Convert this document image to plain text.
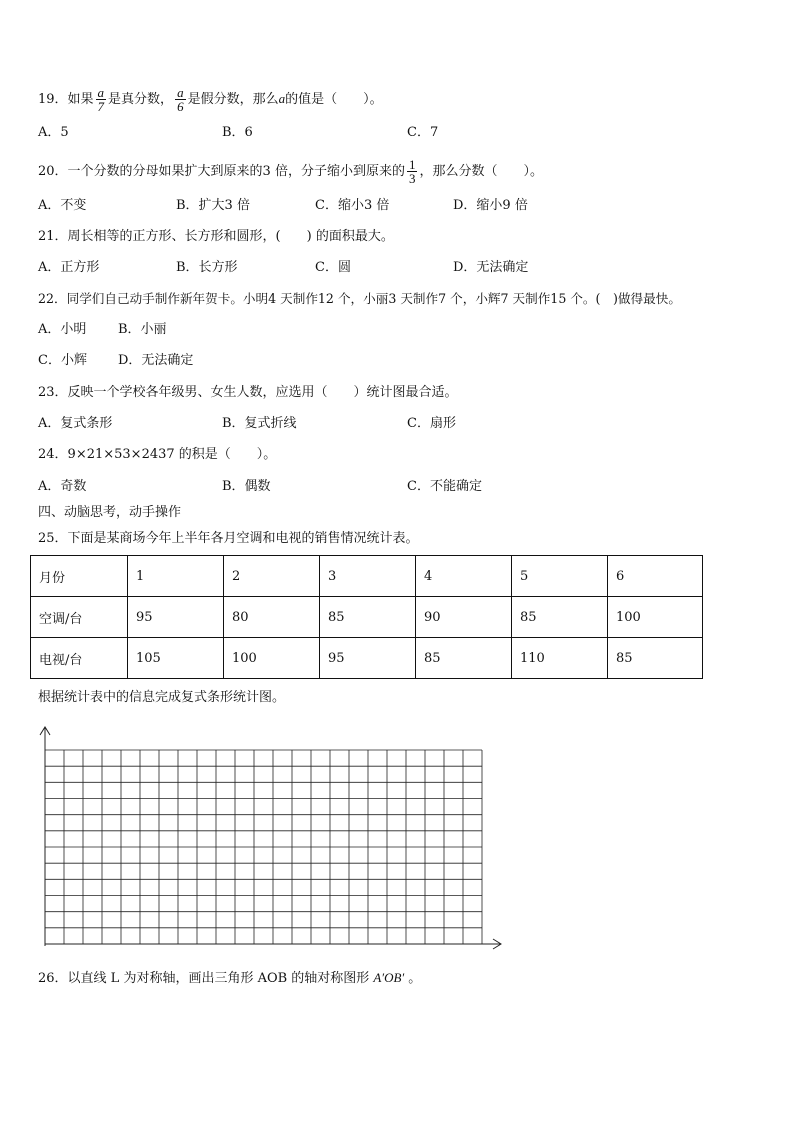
19．如果 $\frac{a}{7}$ 是真分数， $\frac{a}{6}$ 是假分数，那么a的值是（　　）。
A．5	B．6	C．7
20．一个分数的分母如果扩大到原来的3 倍，分子缩小到原来的 $\frac{1}{3}$ ，那么分数（　　）。
A．不变	B．扩大3 倍	C．缩小3 倍	D．缩小9 倍
21．周长相等的正方形、长方形和圆形，(　　) 的面积最大。
A．正方形	B．长方形	C．圆	D．无法确定
22．同学们自己动手制作新年贺卡。小明4 天制作12 个，小丽3 天制作7 个，小辉7 天制作15 个。(　)做得最快。
A．小明 B．小丽
C．小辉 D．无法确定
23．反映一个学校各年级男、女生人数，应选用（　　）统计图最合适。
A．复式条形	B．复式折线	C．扇形
24．9×21×53×2437 的积是（　　）。
A．奇数	B．偶数	C．不能确定
四、动脑思考，动手操作
25．下面是某商场今年上半年各月空调和电视的销售情况统计表。
月份	1	2	3	4	5	6
空调/台	95	80	85	90	85	100
电视/台	105	100	95	85	110	85
根据统计表中的信息完成复式条形统计图。
26．以直线 L 为对称轴，画出三角形 AOB 的轴对称图形 A′OB′ 。
